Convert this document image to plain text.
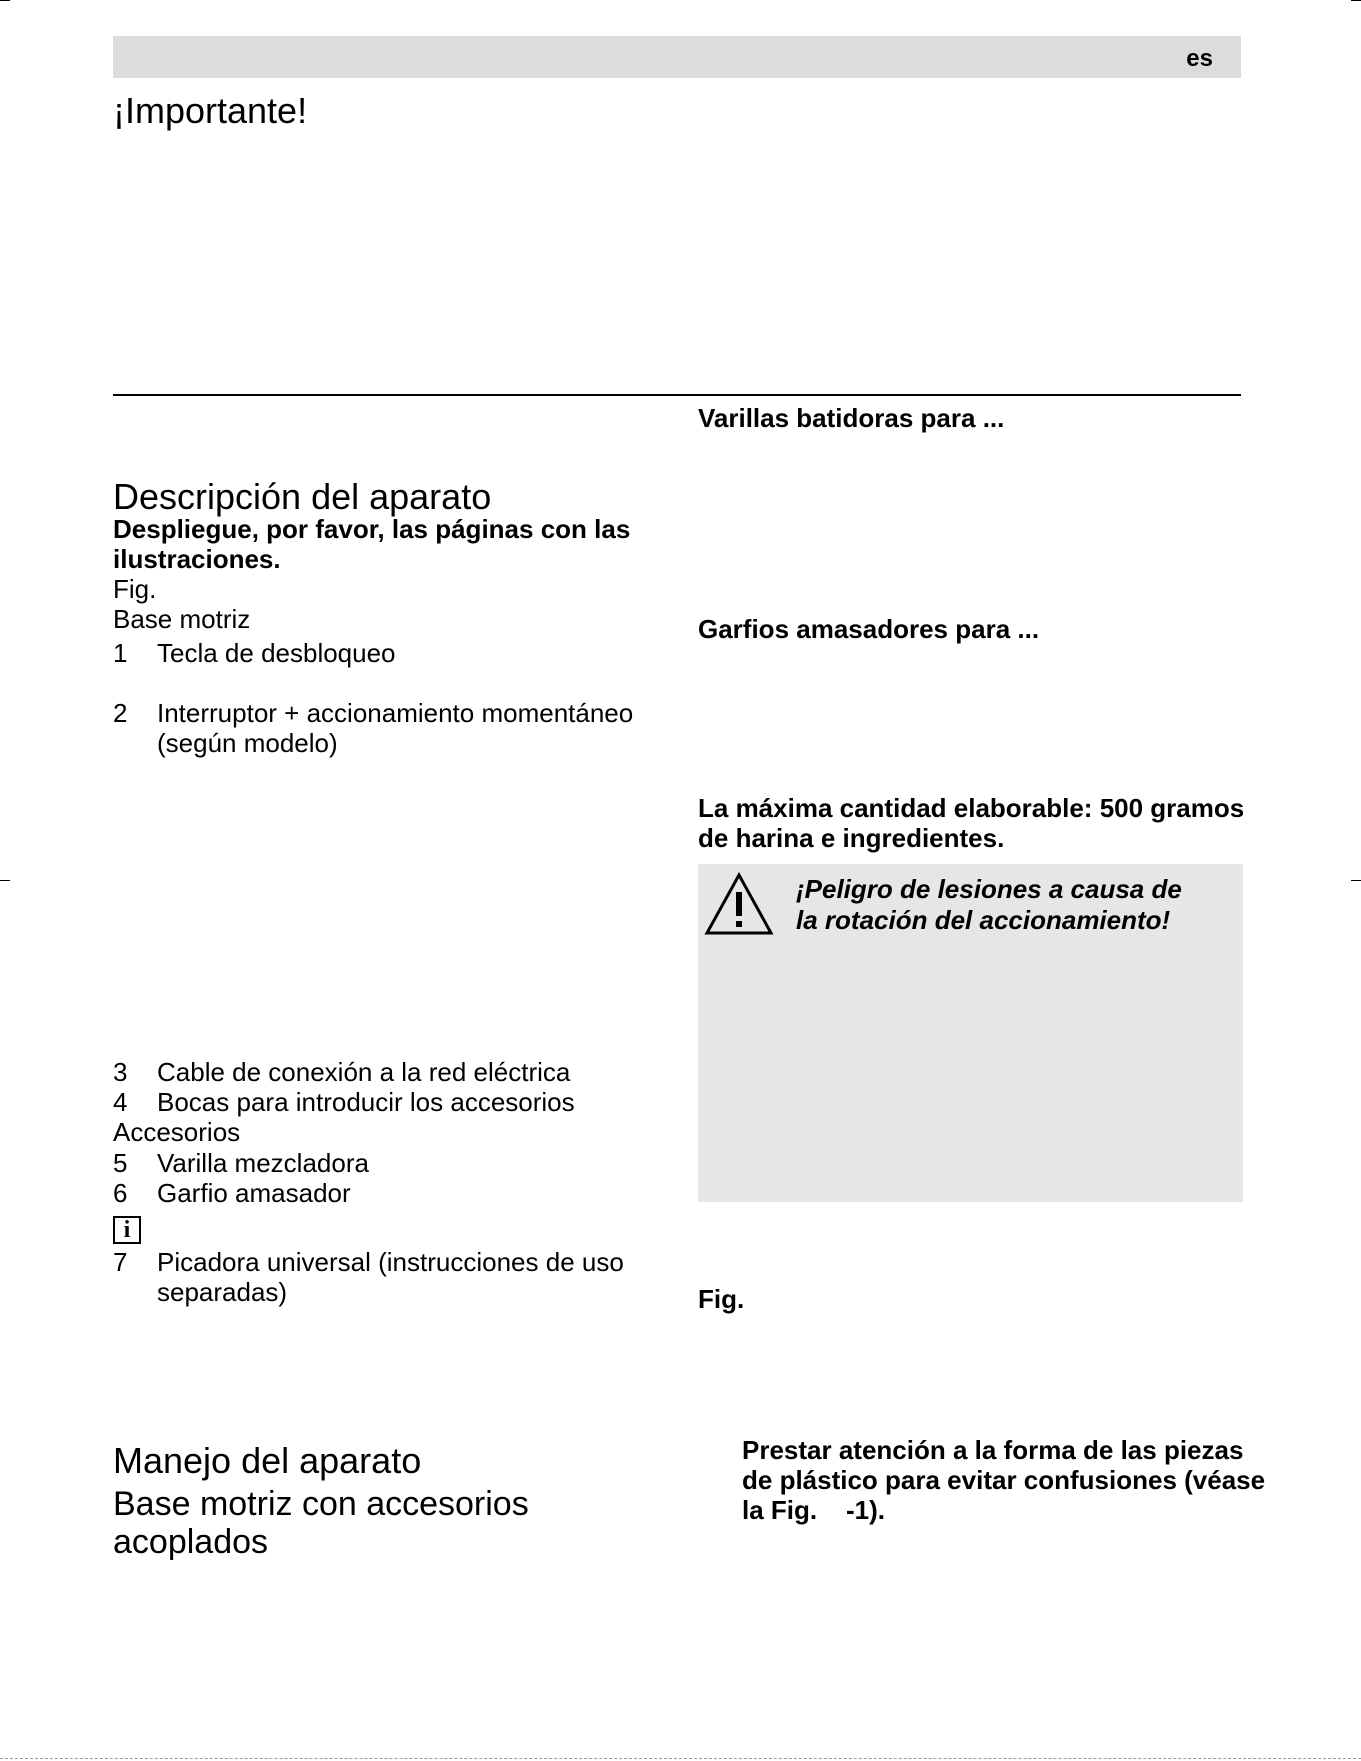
es
¡Importante!
Descripción del aparato
Despliegue, por favor, las páginas con las
ilustraciones.
Fig.
Base motriz
1 Tecla de desbloqueo
2 Interruptor + accionamiento momentáneo
(según modelo)
3 Cable de conexión a la red eléctrica
4 Bocas para introducir los accesorios
Accesorios
5 Varilla mezcladora
6 Garfio amasador
i
7 Picadora universal (instrucciones de uso
separadas)
Manejo del aparato
Base motriz con accesorios
acoplados
Varillas batidoras para ...
Garfios amasadores para ...
La máxima cantidad elaborable: 500 gramos
de harina e ingredientes.
¡Peligro de lesiones a causa de
la rotación del accionamiento!
Fig.
Prestar atención a la forma de las piezas
de plástico para evitar confusiones (véase
la Fig.    -1).
